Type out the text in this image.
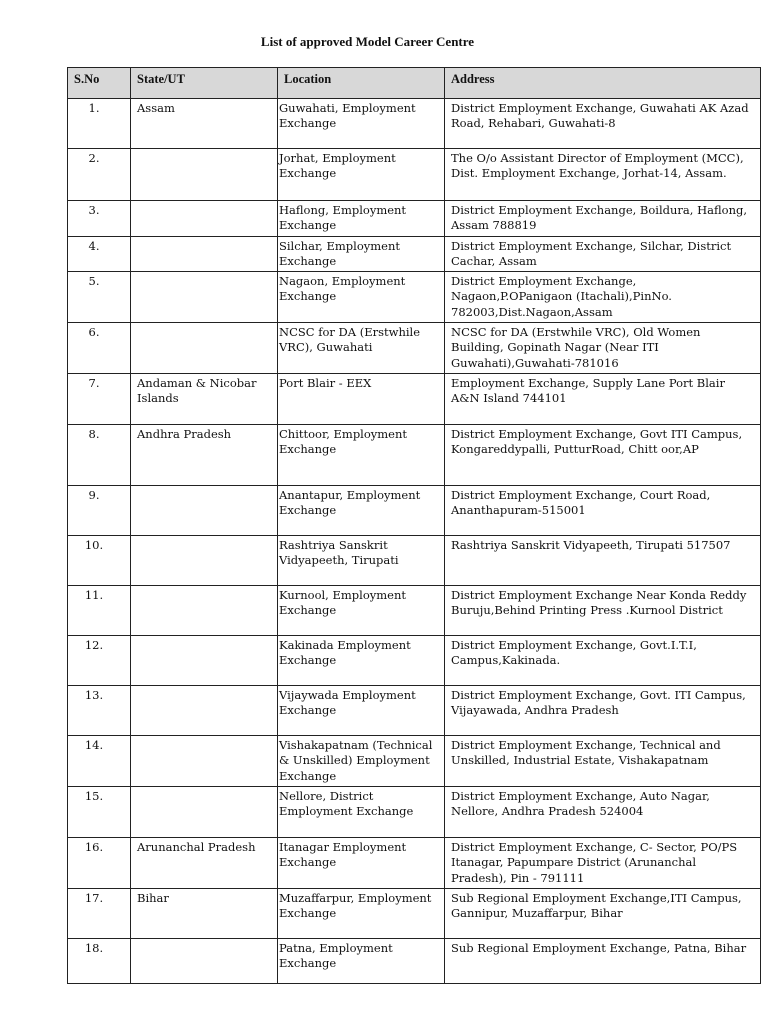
List of approved Model Career Centre
S.No	State/UT	Location	Address
1.	Assam	Guwahati, Employment Exchange	District Employment Exchange, Guwahati AK Azad Road, Rehabari, Guwahati-8
2.		Jorhat, Employment Exchange	The O/o Assistant Director of Employment (MCC), Dist. Employment Exchange, Jorhat-14, Assam.
3.		Haflong, Employment Exchange	District Employment Exchange, Boildura, Haflong, Assam 788819
4.		Silchar, Employment Exchange	District Employment Exchange, Silchar, District Cachar, Assam
5.		Nagaon, Employment Exchange	District Employment Exchange, Nagaon,P.OPanigaon (Itachali),PinNo. 782003,Dist.Nagaon,Assam
6.		NCSC for DA (Erstwhile VRC), Guwahati	NCSC for DA (Erstwhile VRC), Old Women Building, Gopinath Nagar (Near ITI Guwahati),Guwahati-781016
7.	Andaman & Nicobar Islands	Port Blair - EEX	Employment Exchange, Supply Lane Port Blair A&N Island 744101
8.	Andhra Pradesh	Chittoor, Employment Exchange	District Employment Exchange, Govt ITI Campus, Kongareddypalli, PutturRoad, Chitt oor,AP
9.		Anantapur, Employment Exchange	District Employment Exchange, Court Road, Ananthapuram-515001
10.		Rashtriya Sanskrit Vidyapeeth, Tirupati	Rashtriya Sanskrit Vidyapeeth, Tirupati 517507
11.		Kurnool, Employment Exchange	District Employment Exchange Near Konda Reddy Buruju,Behind Printing Press .Kurnool District
12.		Kakinada Employment Exchange	District Employment Exchange, Govt.I.T.I, Campus,Kakinada.
13.		Vijaywada Employment Exchange	District Employment Exchange, Govt. ITI Campus, Vijayawada, Andhra Pradesh
14.		Vishakapatnam (Technical & Unskilled) Employment Exchange	District Employment Exchange, Technical and Unskilled, Industrial Estate, Vishakapatnam
15.		Nellore, District Employment Exchange	District Employment Exchange, Auto Nagar, Nellore, Andhra Pradesh 524004
16.	Arunanchal Pradesh	Itanagar Employment Exchange	District Employment Exchange, C- Sector, PO/PS Itanagar, Papumpare District (Arunanchal Pradesh), Pin - 791111
17.	Bihar	Muzaffarpur, Employment Exchange	Sub Regional Employment Exchange,ITI Campus, Gannipur, Muzaffarpur, Bihar
18.		Patna, Employment Exchange	Sub Regional Employment Exchange, Patna, Bihar
